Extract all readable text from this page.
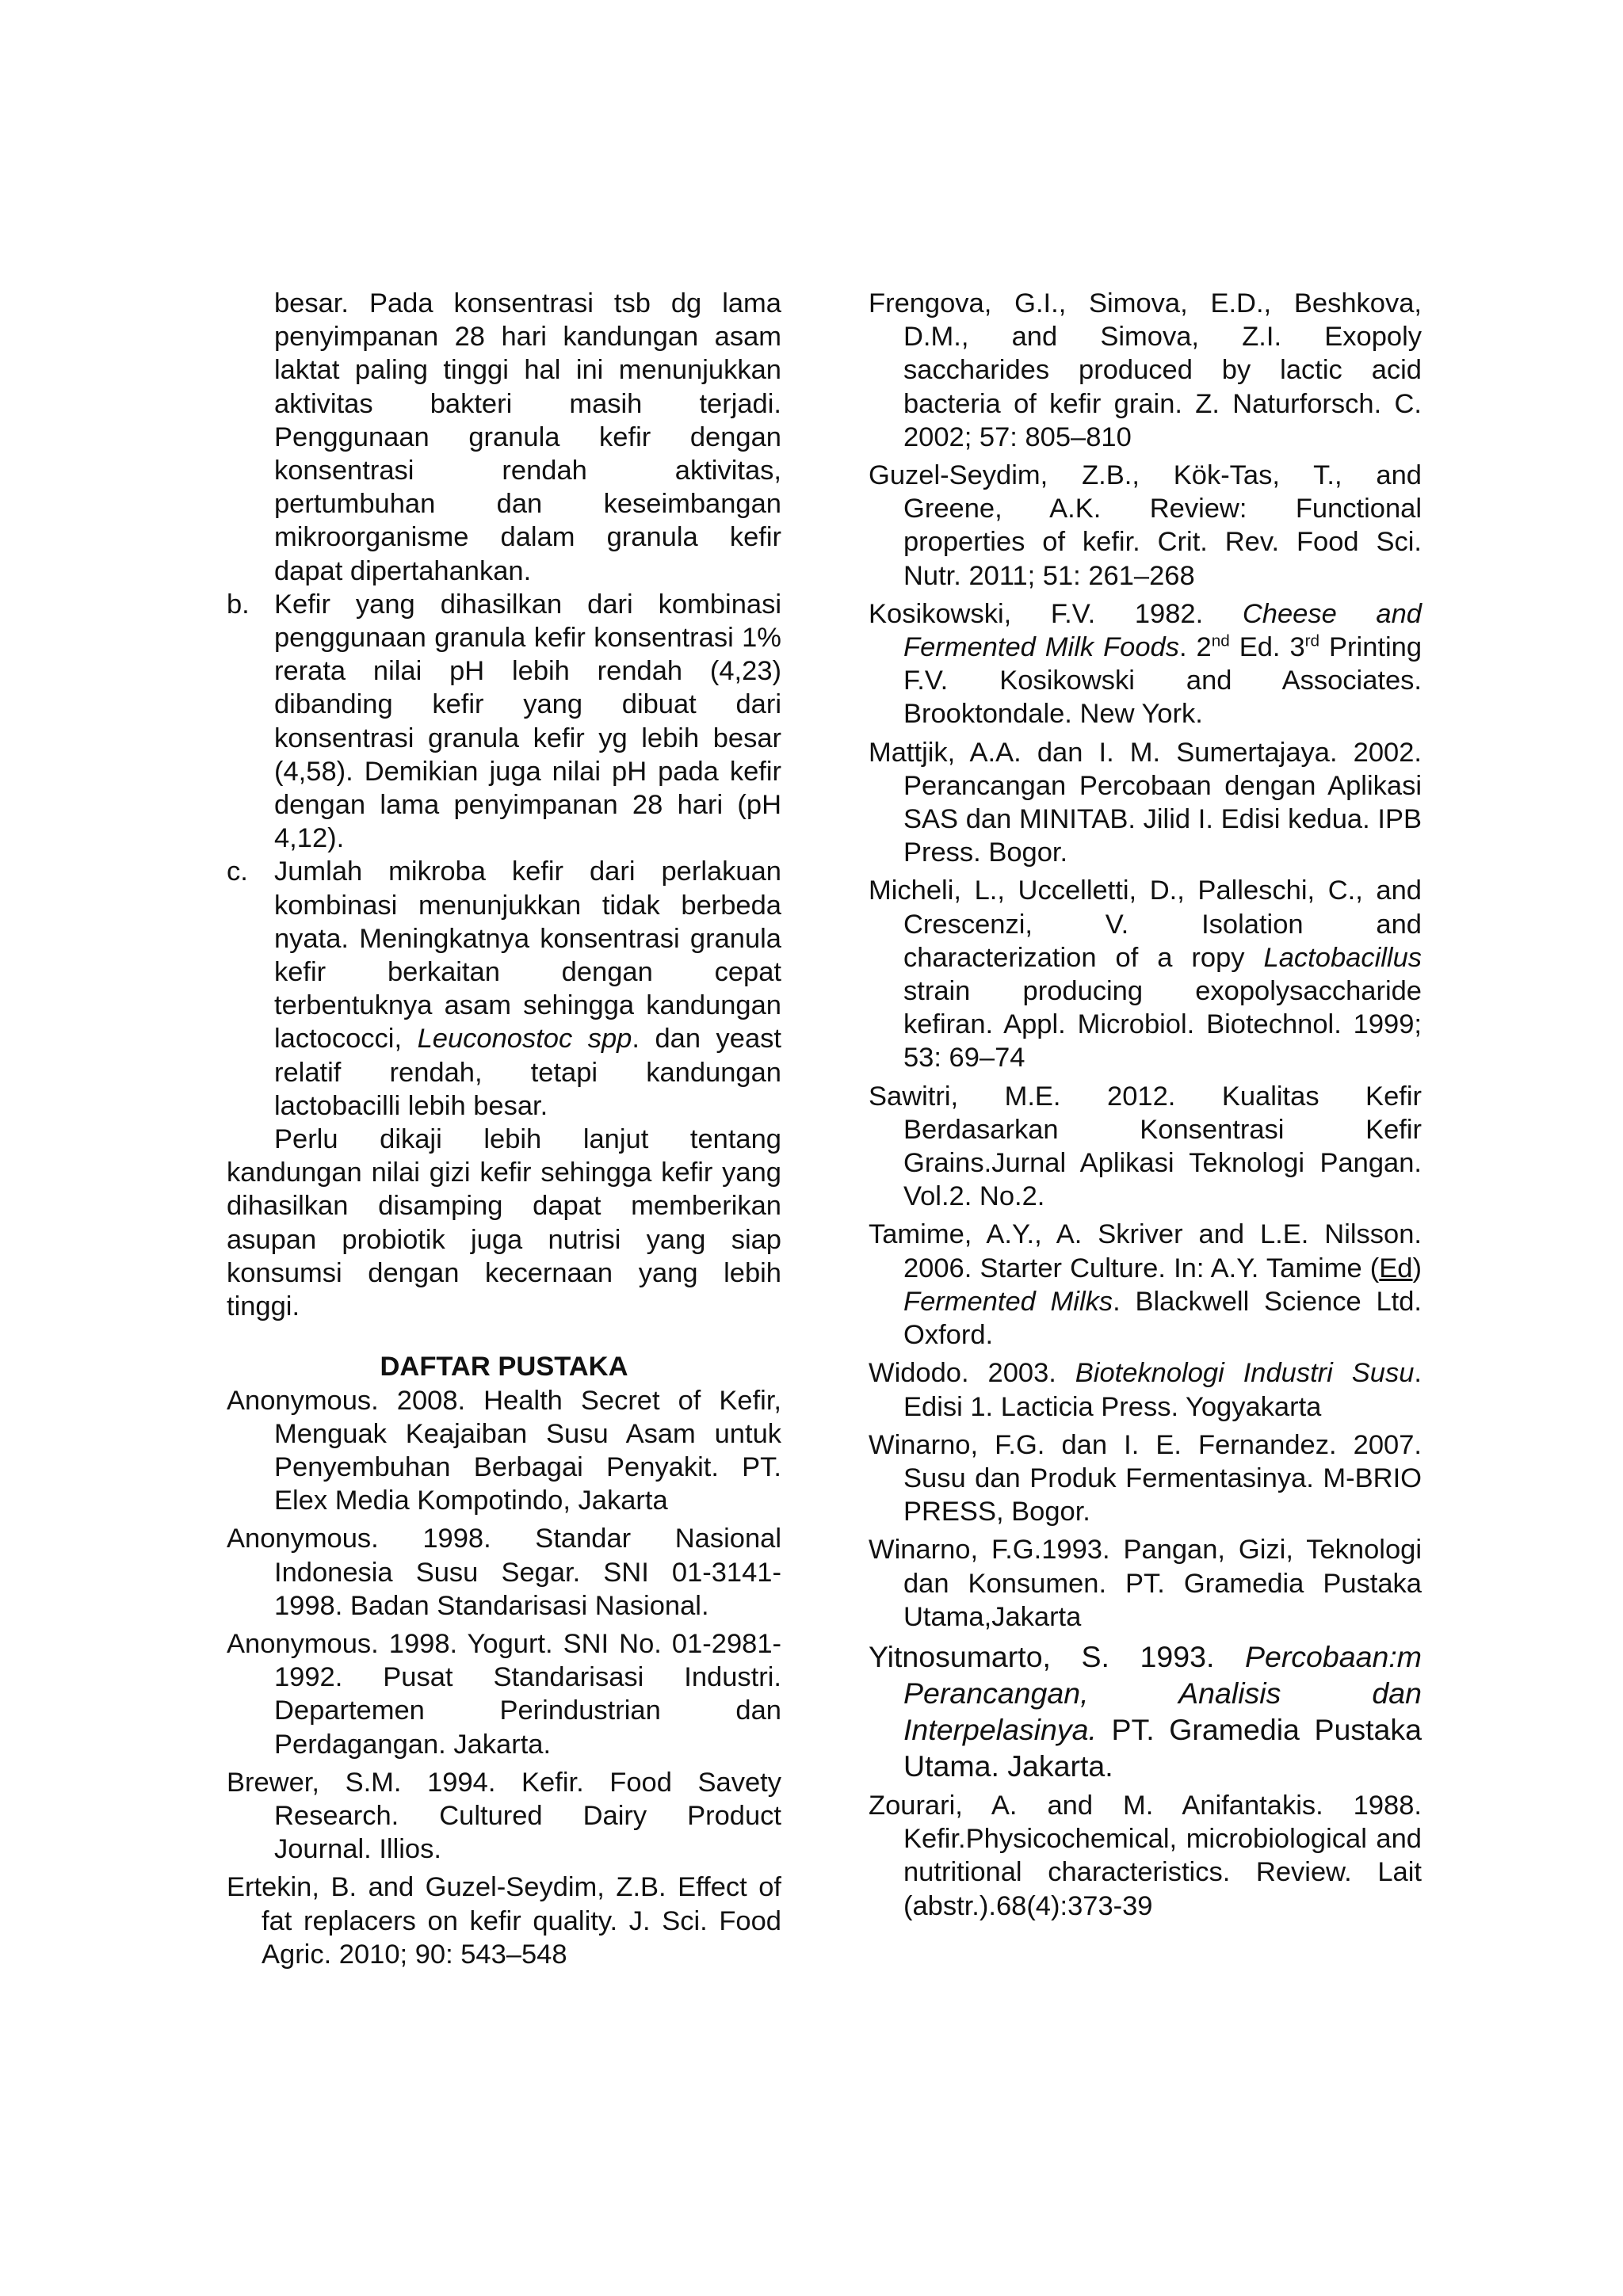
besar. Pada konsentrasi tsb dg lama penyimpanan 28 hari kandungan asam laktat paling tinggi hal ini menunjukkan aktivitas bakteri masih terjadi. Penggunaan granula kefir dengan konsentrasi rendah aktivitas, pertumbuhan dan keseimbangan mikroorganisme dalam granula kefir dapat dipertahankan.

b. Kefir yang dihasilkan dari kombinasi penggunaan granula kefir konsentrasi 1% rerata nilai pH lebih rendah (4,23) dibanding kefir yang dibuat dari konsentrasi granula kefir yg lebih besar (4,58). Demikian juga nilai pH pada kefir dengan lama penyimpanan 28 hari (pH 4,12).
c. Jumlah mikroba kefir dari perlakuan kombinasi menunjukkan tidak berbeda nyata. Meningkatnya konsentrasi granula kefir berkaitan dengan cepat terbentuknya asam sehingga kandungan lactococci, Leuconostoc spp. dan yeast relatif rendah, tetapi kandungan lactobacilli lebih besar.

Perlu dikaji lebih lanjut tentang kandungan nilai gizi kefir sehingga kefir yang dihasilkan disamping dapat memberikan asupan probiotik juga nutrisi yang siap konsumsi dengan kecernaan yang lebih tinggi.

DAFTAR PUSTAKA

Anonymous. 2008. Health Secret of Kefir, Menguak Keajaiban Susu Asam untuk Penyembuhan Berbagai Penyakit. PT. Elex Media Kompotindo, Jakarta

Anonymous. 1998. Standar Nasional Indonesia Susu Segar. SNI 01-3141-1998. Badan Standarisasi Nasional.

Anonymous. 1998. Yogurt. SNI No. 01-2981-1992. Pusat Standarisasi Industri. Departemen Perindustrian dan Perdagangan. Jakarta.

Brewer, S.M. 1994. Kefir. Food Savety Research. Cultured Dairy Product Journal. Illios.

Ertekin, B. and Guzel-Seydim, Z.B. Effect of fat replacers on kefir quality. J. Sci. Food Agric. 2010; 90: 543–548

Frengova, G.I., Simova, E.D., Beshkova, D.M., and Simova, Z.I. Exopoly saccharides produced by lactic acid bacteria of kefir grain. Z. Naturforsch. C. 2002; 57: 805–810

Guzel-Seydim, Z.B., Kök-Tas, T., and Greene, A.K. Review: Functional properties of kefir. Crit. Rev. Food Sci. Nutr. 2011; 51: 261–268

Kosikowski, F.V. 1982. Cheese and Fermented Milk Foods. 2nd Ed. 3rd Printing F.V. Kosikowski and Associates. Brooktondale. New York.

Mattjik, A.A. dan I. M. Sumertajaya. 2002. Perancangan Percobaan dengan Aplikasi SAS dan MINITAB. Jilid I. Edisi kedua. IPB Press. Bogor.

Micheli, L., Uccelletti, D., Palleschi, C., and Crescenzi, V. Isolation and characterization of a ropy Lactobacillus strain producing exopolysaccharide kefiran. Appl. Microbiol. Biotechnol. 1999; 53: 69–74

Sawitri, M.E. 2012. Kualitas Kefir Berdasarkan Konsentrasi Kefir Grains.Jurnal Aplikasi Teknologi Pangan. Vol.2. No.2.

Tamime, A.Y., A. Skriver and L.E. Nilsson. 2006. Starter Culture. In: A.Y. Tamime (Ed) Fermented Milks. Blackwell Science Ltd. Oxford.

Widodo. 2003. Bioteknologi Industri Susu. Edisi 1. Lacticia Press. Yogyakarta

Winarno, F.G. dan I. E. Fernandez. 2007. Susu dan Produk Fermentasinya. M-BRIO PRESS, Bogor.

Winarno, F.G.1993. Pangan, Gizi, Teknologi dan Konsumen. PT. Gramedia Pustaka Utama,Jakarta

Yitnosumarto, S. 1993. Percobaan:m Perancangan, Analisis dan Interpelasinya. PT. Gramedia Pustaka Utama. Jakarta.

Zourari, A. and M. Anifantakis. 1988. Kefir.Physicochemical, microbiological and nutritional characteristics. Review. Lait (abstr.).68(4):373-39
